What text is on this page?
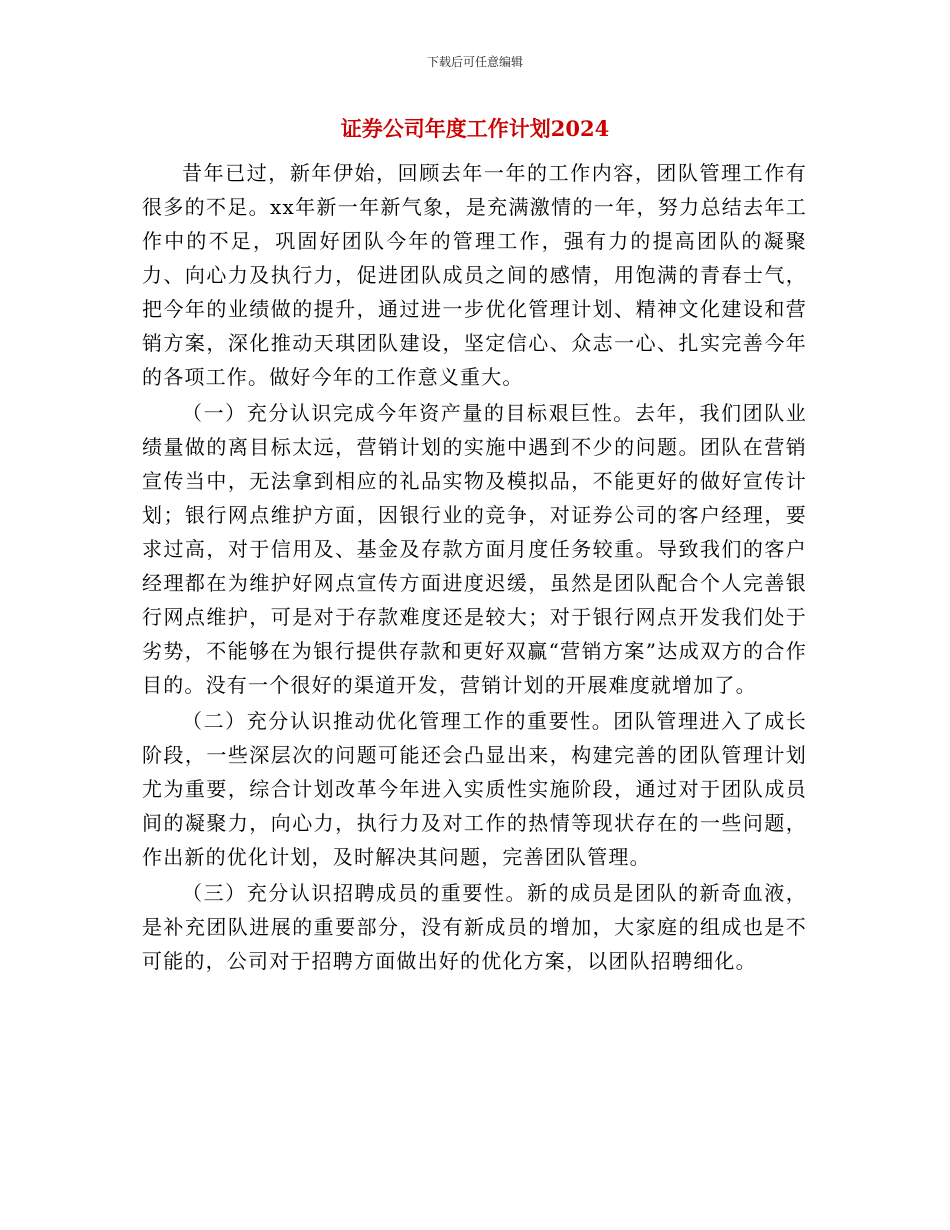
下载后可任意编辑
证券公司年度工作计划2024

昔年已过，新年伊始，回顾去年一年的工作内容，团队管理工作有很多的不足。xx年新一年新气象，是充满激情的一年，努力总结去年工作中的不足，巩固好团队今年的管理工作，强有力的提高团队的凝聚力、向心力及执行力，促进团队成员之间的感情，用饱满的青春士气，把今年的业绩做的提升，通过进一步优化管理计划、精神文化建设和营销方案，深化推动天琪团队建设，坚定信心、众志一心、扎实完善今年的各项工作。做好今年的工作意义重大。

（一）充分认识完成今年资产量的目标艰巨性。去年，我们团队业绩量做的离目标太远，营销计划的实施中遇到不少的问题。团队在营销宣传当中，无法拿到相应的礼品实物及模拟品，不能更好的做好宣传计划；银行网点维护方面，因银行业的竞争，对证券公司的客户经理，要求过高，对于信用及、基金及存款方面月度任务较重。导致我们的客户经理都在为维护好网点宣传方面进度迟缓，虽然是团队配合个人完善银行网点维护，可是对于存款难度还是较大；对于银行网点开发我们处于劣势，不能够在为银行提供存款和更好双赢“营销方案”达成双方的合作目的。没有一个很好的渠道开发，营销计划的开展难度就增加了。

（二）充分认识推动优化管理工作的重要性。团队管理进入了成长阶段，一些深层次的问题可能还会凸显出来，构建完善的团队管理计划尤为重要，综合计划改革今年进入实质性实施阶段，通过对于团队成员间的凝聚力，向心力，执行力及对工作的热情等现状存在的一些问题，作出新的优化计划，及时解决其问题，完善团队管理。

（三）充分认识招聘成员的重要性。新的成员是团队的新奇血液，是补充团队进展的重要部分，没有新成员的增加，大家庭的组成也是不可能的，公司对于招聘方面做出好的优化方案，以团队招聘细化。
